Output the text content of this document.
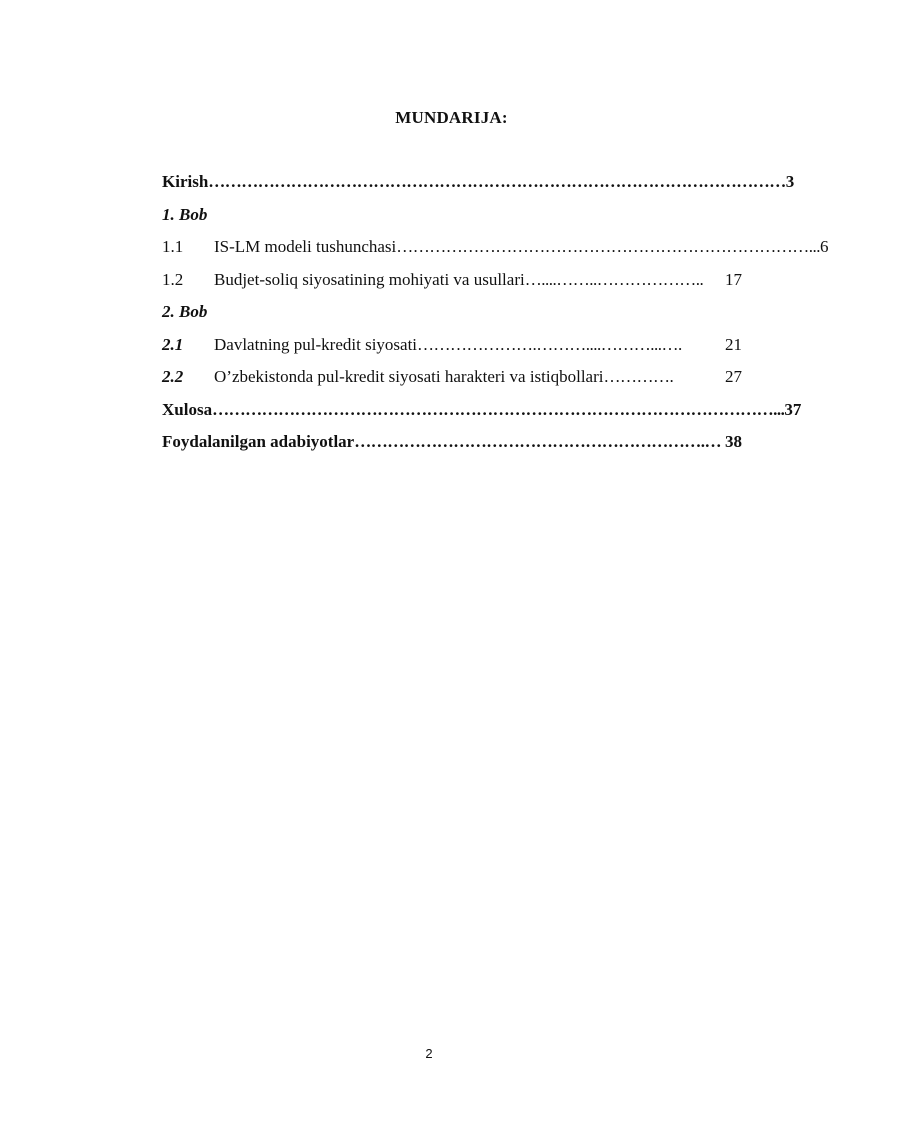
MUNDARIJA:
Kirish …………………………………………………………………………………………… 3
1. Bob
1.1	IS-LM modeli tushunchasi …………………………………………………………………... 6
1.2	Budjet-soliq siyosatining mohiyati va usullari …....……..………………..	17
2. Bob
2.1	Davlatning pul-kredit siyosati ………………….………....………...….	21
2.2	O’zbekistonda pul-kredit siyosati harakteri va istiqbollari ………….	27
Xulosa …………………………………………………………………………………………... 37
Foydalanilgan adabiyotlar ……………………………………………………….… 38
2
